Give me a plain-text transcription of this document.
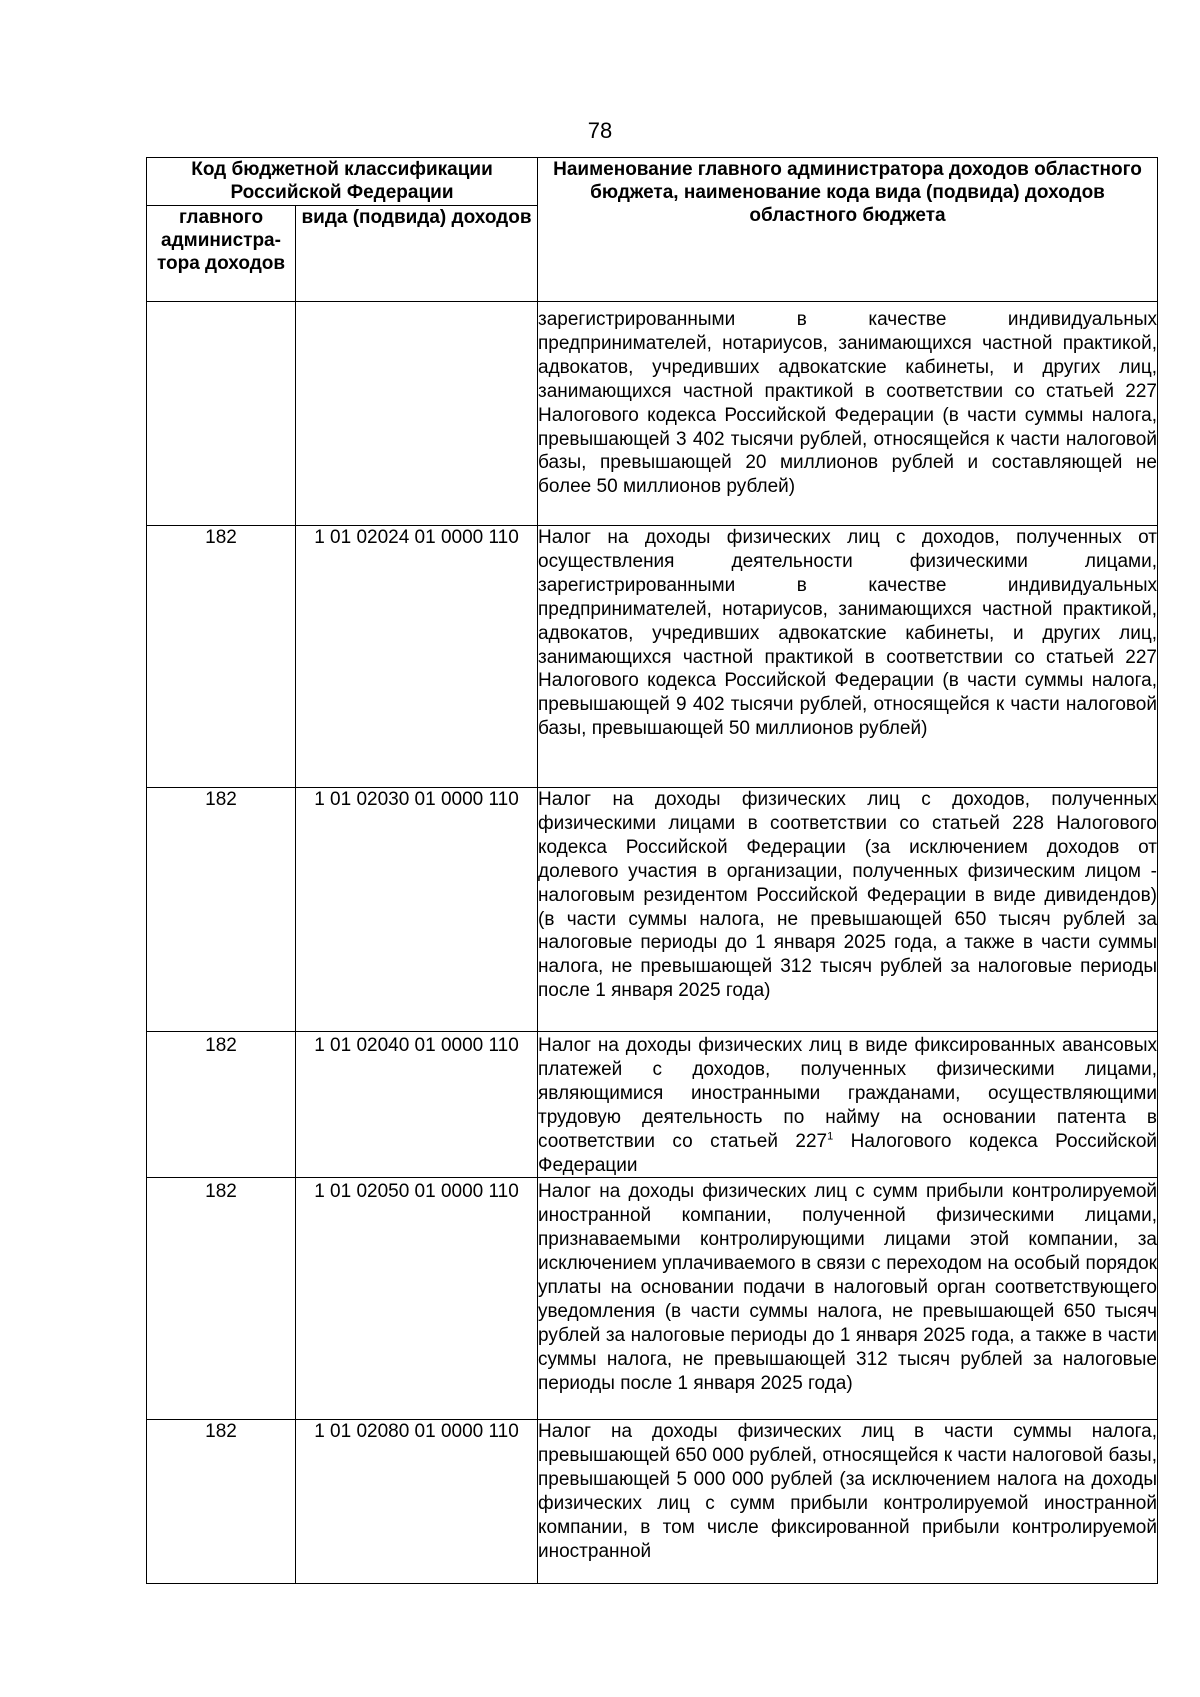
78
Код бюджетной классификации Российской Федерации		Наименование главного администратора доходов областного бюджета, наименование кода вида (подвида) доходов областного бюджета
главного администра-тора доходов	вида (подвида) доходов	
		зарегистрированными в качестве индивидуальных предпринимателей, нотариусов, занимающихся частной практикой, адвокатов, учредивших адвокатские кабинеты, и других лиц, занимающихся частной практикой в соответствии со статьей 227 Налогового кодекса Российской Федерации (в части суммы налога, превышающей 3 402 тысячи рублей, относящейся к части налоговой базы, превышающей 20 миллионов рублей и составляющей не более 50 миллионов рублей)
182	1 01 02024 01 0000 110	Налог на доходы физических лиц с доходов, полученных от осуществления деятельности физическими лицами, зарегистрированными в качестве индивидуальных предпринимателей, нотариусов, занимающихся частной практикой, адвокатов, учредивших адвокатские кабинеты, и других лиц, занимающихся частной практикой в соответствии со статьей 227 Налогового кодекса Российской Федерации (в части суммы налога, превышающей 9 402 тысячи рублей, относящейся к части налоговой базы, превышающей 50 миллионов рублей)
182	1 01 02030 01 0000 110	Налог на доходы физических лиц с доходов, полученных физическими лицами в соответствии со статьей 228 Налогового кодекса Российской Федерации (за исключением доходов от долевого участия в организации, полученных физическим лицом - налоговым резидентом Российской Федерации в виде дивидендов) (в части суммы налога, не превышающей 650 тысяч рублей за налоговые периоды до 1 января 2025 года, а также в части суммы налога, не превышающей 312 тысяч рублей за налоговые периоды после 1 января 2025 года)
182	1 01 02040 01 0000 110	Налог на доходы физических лиц в виде фиксированных авансовых платежей с доходов, полученных физическими лицами, являющимися иностранными гражданами, осуществляющими трудовую деятельность по найму на основании патента в соответствии со статьей $227^1$ Налогового кодекса Российской Федерации
182	1 01 02050 01 0000 110	Налог на доходы физических лиц с сумм прибыли контролируемой иностранной компании, полученной физическими лицами, признаваемыми контролирующими лицами этой компании, за исключением уплачиваемого в связи с переходом на особый порядок уплаты на основании подачи в налоговый орган соответствующего уведомления (в части суммы налога, не превышающей 650 тысяч рублей за налоговые периоды до 1 января 2025 года, а также в части суммы налога, не превышающей 312 тысяч рублей за налоговые периоды после 1 января 2025 года)
182	1 01 02080 01 0000 110	Налог на доходы физических лиц в части суммы налога, превышающей 650 000 рублей, относящейся к части налоговой базы, превышающей 5 000 000 рублей (за исключением налога на доходы физических лиц с сумм прибыли контролируемой иностранной компании, в том числе фиксированной прибыли контролируемой иностранной
